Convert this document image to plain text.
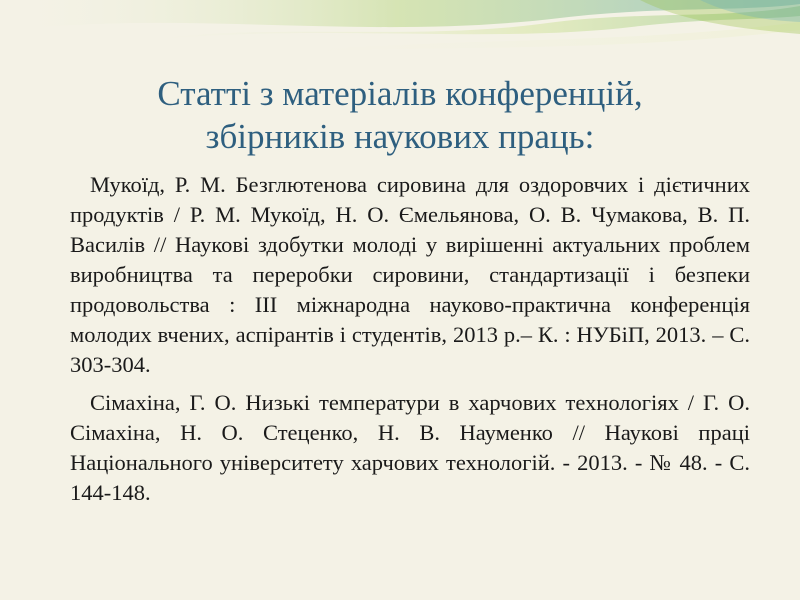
Статті з матеріалів конференцій,
збірників наукових праць:

Мукоїд, Р. М. Безглютенова сировина для оздоровчих і дієтичних продуктів / Р. М. Мукоїд, Н. О. Ємельянова, О. В. Чумакова, В. П. Василів // Наукові здобутки молоді у вирішенні актуальних проблем виробництва та переробки сировини, стандартизації і безпеки продовольства : ІІІ міжнародна науково-практична конференція молодих вчених, аспірантів і студентів, 2013 р.– К. : НУБіП, 2013. – С. 303-304.

Сімахіна, Г. О. Низькі температури в харчових технологіях / Г. О. Сімахіна, Н. О. Стеценко, Н. В. Науменко // Наукові праці Національного університету харчових технологій. - 2013. - № 48. - С. 144-148.
